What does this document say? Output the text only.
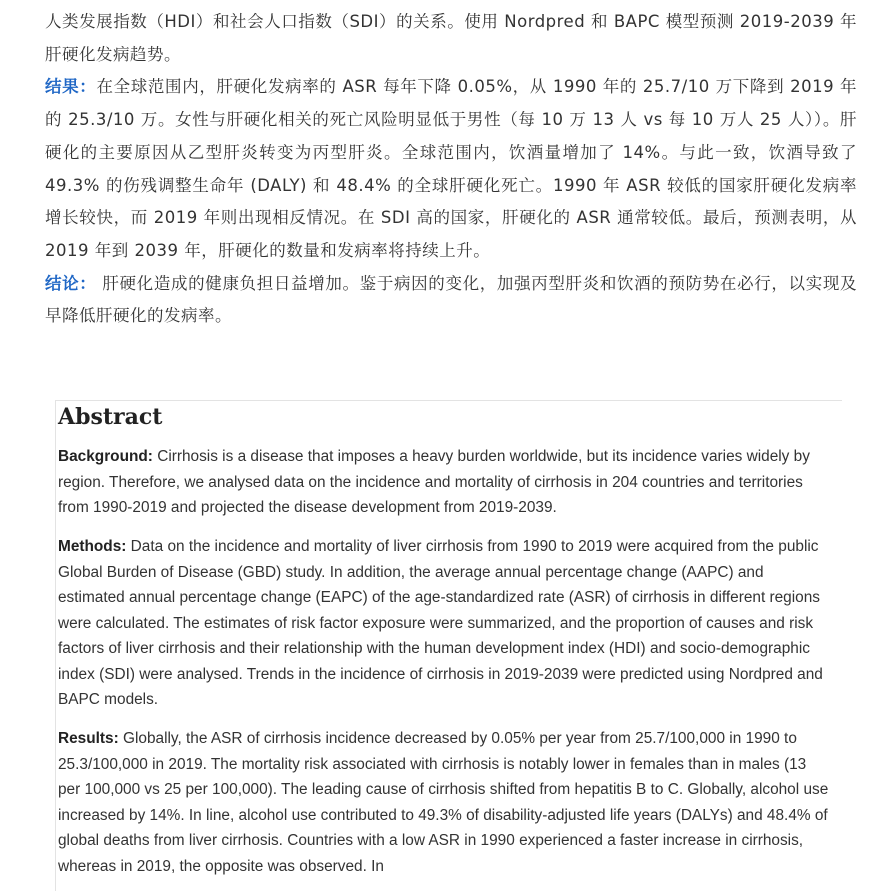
人类发展指数（HDI）和社会人口指数（SDI）的关系。使用 Nordpred 和 BAPC 模型预测 2019-2039 年肝硬化发病趋势。

结果：在全球范围内，肝硬化发病率的 ASR 每年下降 0.05%，从 1990 年的 25.7/10 万下降到 2019 年的 25.3/10 万。女性与肝硬化相关的死亡风险明显低于男性（每 10 万 13 人 vs 每 10 万人 25 人））。肝硬化的主要原因从乙型肝炎转变为丙型肝炎。全球范围内，饮酒量增加了 14%。与此一致，饮酒导致了 49.3% 的伤残调整生命年 (DALY) 和 48.4% 的全球肝硬化死亡。1990 年 ASR 较低的国家肝硬化发病率增长较快，而 2019 年则出现相反情况。在 SDI 高的国家，肝硬化的 ASR 通常较低。最后，预测表明，从 2019 年到 2039 年，肝硬化的数量和发病率将持续上升。

结论： 肝硬化造成的健康负担日益增加。鉴于病因的变化，加强丙型肝炎和饮酒的预防势在必行，以实现及早降低肝硬化的发病率。

Abstract

Background: Cirrhosis is a disease that imposes a heavy burden worldwide, but its incidence varies widely by region. Therefore, we analysed data on the incidence and mortality of cirrhosis in 204 countries and territories from 1990-2019 and projected the disease development from 2019-2039.

Methods: Data on the incidence and mortality of liver cirrhosis from 1990 to 2019 were acquired from the public Global Burden of Disease (GBD) study. In addition, the average annual percentage change (AAPC) and estimated annual percentage change (EAPC) of the age-standardized rate (ASR) of cirrhosis in different regions were calculated. The estimates of risk factor exposure were summarized, and the proportion of causes and risk factors of liver cirrhosis and their relationship with the human development index (HDI) and socio-demographic index (SDI) were analysed. Trends in the incidence of cirrhosis in 2019-2039 were predicted using Nordpred and BAPC models.

Results: Globally, the ASR of cirrhosis incidence decreased by 0.05% per year from 25.7/100,000 in 1990 to 25.3/100,000 in 2019. The mortality risk associated with cirrhosis is notably lower in females than in males (13 per 100,000 vs 25 per 100,000). The leading cause of cirrhosis shifted from hepatitis B to C. Globally, alcohol use increased by 14%. In line, alcohol use contributed to 49.3% of disability-adjusted life years (DALYs) and 48.4% of global deaths from liver cirrhosis. Countries with a low ASR in 1990 experienced a faster increase in cirrhosis, whereas in 2019, the opposite was observed. In
